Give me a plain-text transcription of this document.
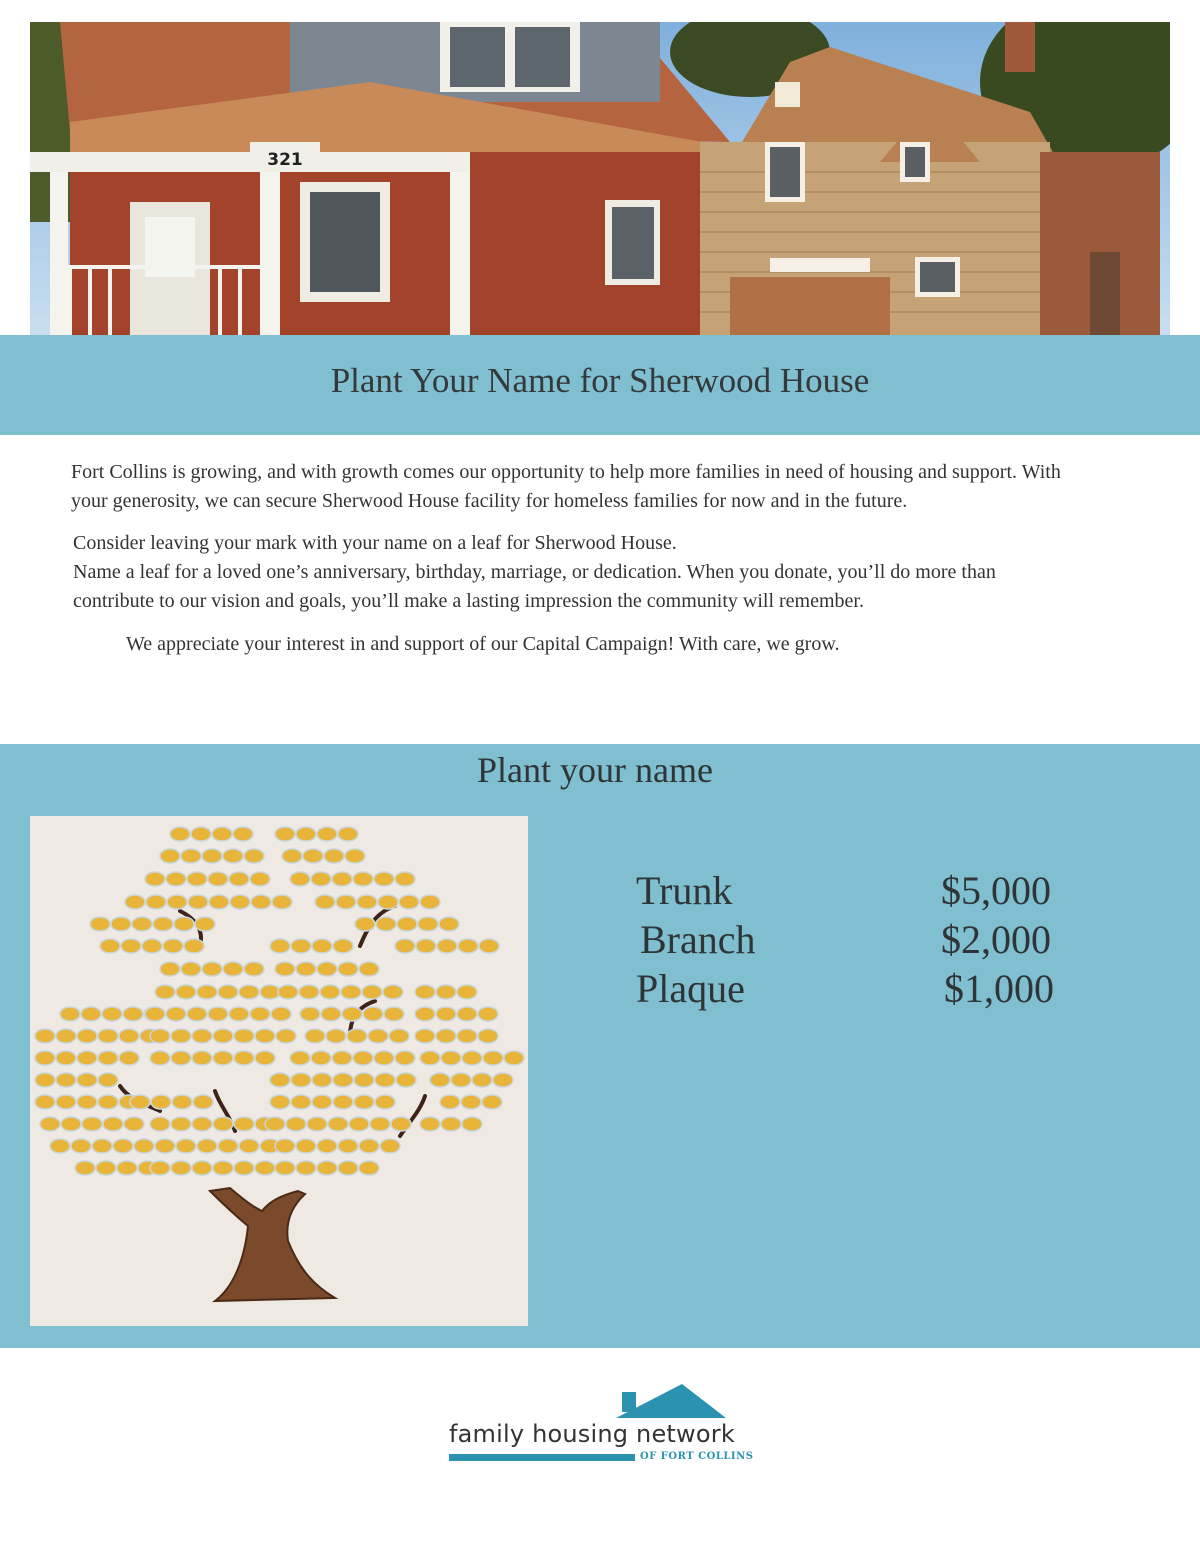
321
Plant Your Name for Sherwood House

Fort Collins is growing, and with growth comes our opportunity to help more families in need of housing and support. With your generosity, we can secure Sherwood House facility for homeless families for now and in the future.

Consider leaving your mark with your name on a leaf for Sherwood House.

Name a leaf for a loved one’s anniversary, birthday, marriage, or dedication. When you donate, you’ll do more than contribute to our vision and goals, you’ll make a lasting impression the community will remember.

We appreciate your interest in and support of our Capital Campaign! With care, we grow.

Plant your name
Trunk	$5,000
Branch	$2,000
Plaque	$1,000
family housing network
OF FORT COLLINS
